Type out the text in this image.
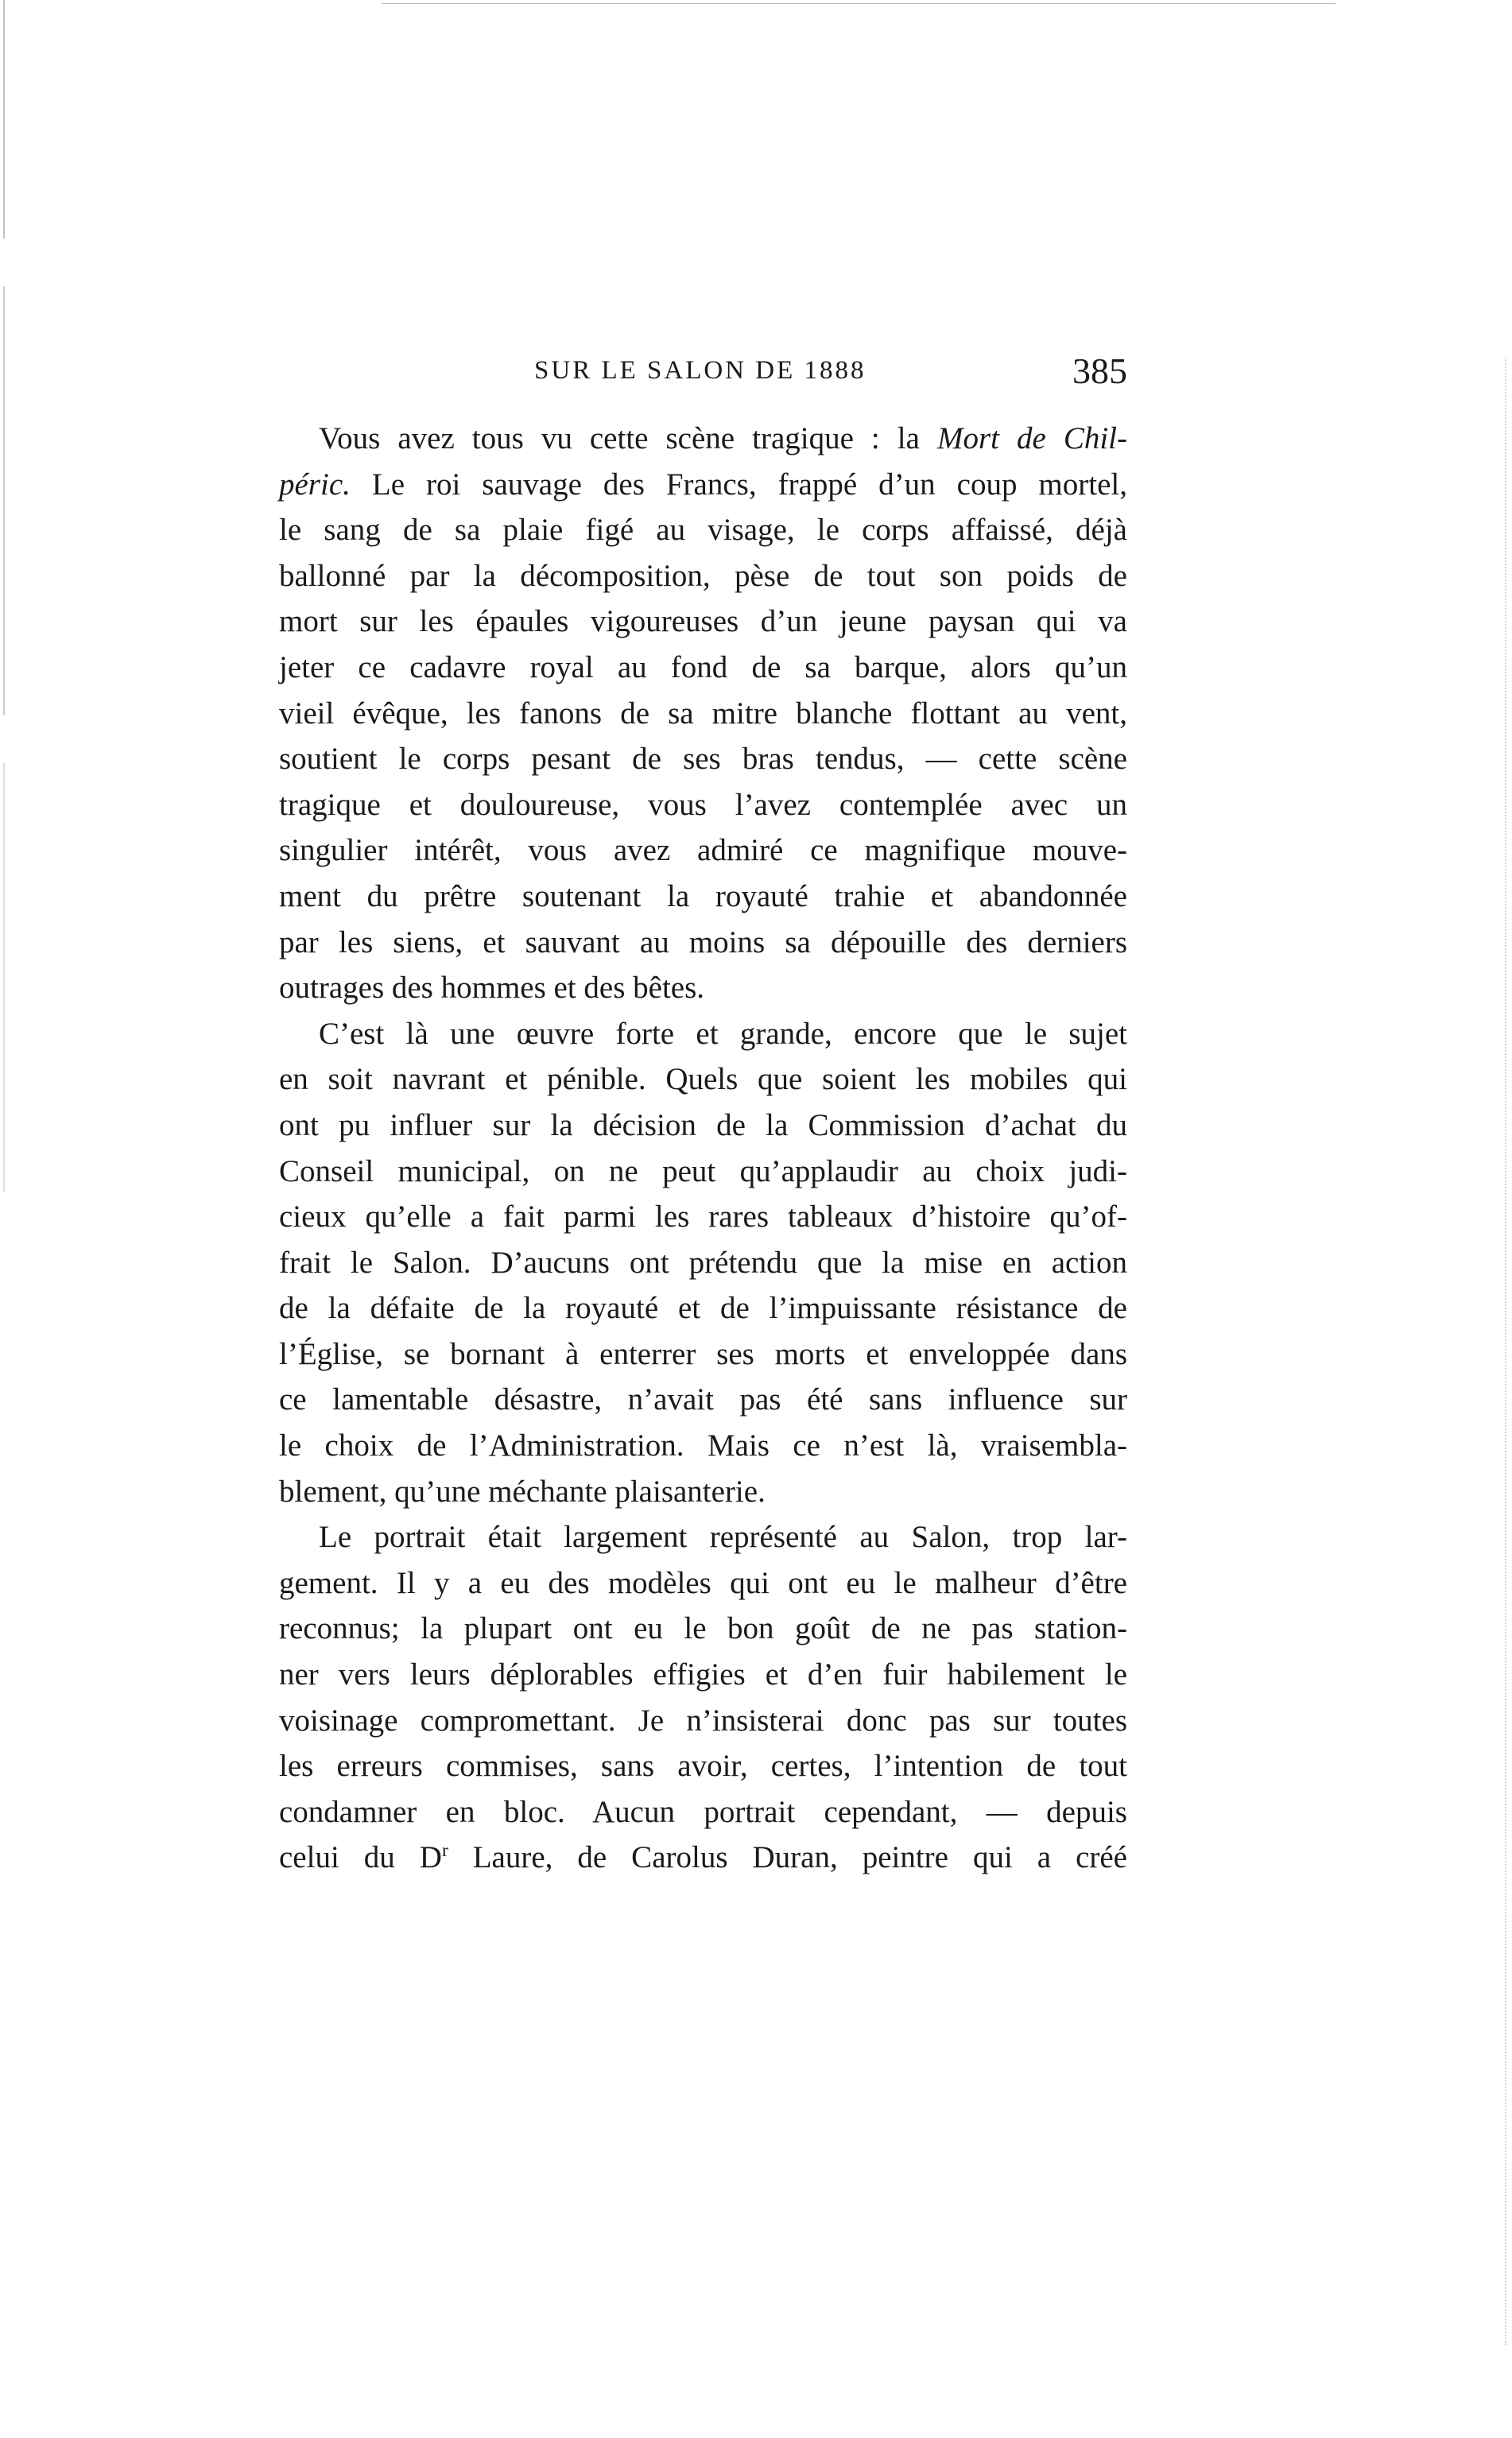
SUR LE SALON DE 1888	385
Vous avez tous vu cette scène tragique : la Mort de Chil-
péric. Le roi sauvage des Francs, frappé d’un coup mortel,
le sang de sa plaie figé au visage, le corps affaissé, déjà
ballonné par la décomposition, pèse de tout son poids de
mort sur les épaules vigoureuses d’un jeune paysan qui va
jeter ce cadavre royal au fond de sa barque, alors qu’un
vieil évêque, les fanons de sa mitre blanche flottant au vent,
soutient le corps pesant de ses bras tendus, — cette scène
tragique et douloureuse, vous l’avez contemplée avec un
singulier intérêt, vous avez admiré ce magnifique mouve-
ment du prêtre soutenant la royauté trahie et abandonnée
par les siens, et sauvant au moins sa dépouille des derniers
outrages des hommes et des bêtes.
C’est là une œuvre forte et grande, encore que le sujet
en soit navrant et pénible. Quels que soient les mobiles qui
ont pu influer sur la décision de la Commission d’achat du
Conseil municipal, on ne peut qu’applaudir au choix judi-
cieux qu’elle a fait parmi les rares tableaux d’histoire qu’of-
frait le Salon. D’aucuns ont prétendu que la mise en action
de la défaite de la royauté et de l’impuissante résistance de
l’Église, se bornant à enterrer ses morts et enveloppée dans
ce lamentable désastre, n’avait pas été sans influence sur
le choix de l’Administration. Mais ce n’est là, vraisembla-
blement, qu’une méchante plaisanterie.
Le portrait était largement représenté au Salon, trop lar-
gement. Il y a eu des modèles qui ont eu le malheur d’être
reconnus; la plupart ont eu le bon goût de ne pas station-
ner vers leurs déplorables effigies et d’en fuir habilement le
voisinage compromettant. Je n’insisterai donc pas sur toutes
les erreurs commises, sans avoir, certes, l’intention de tout
condamner en bloc. Aucun portrait cependant, — depuis
celui du $D^r$ Laure, de Carolus Duran, peintre qui a créé
